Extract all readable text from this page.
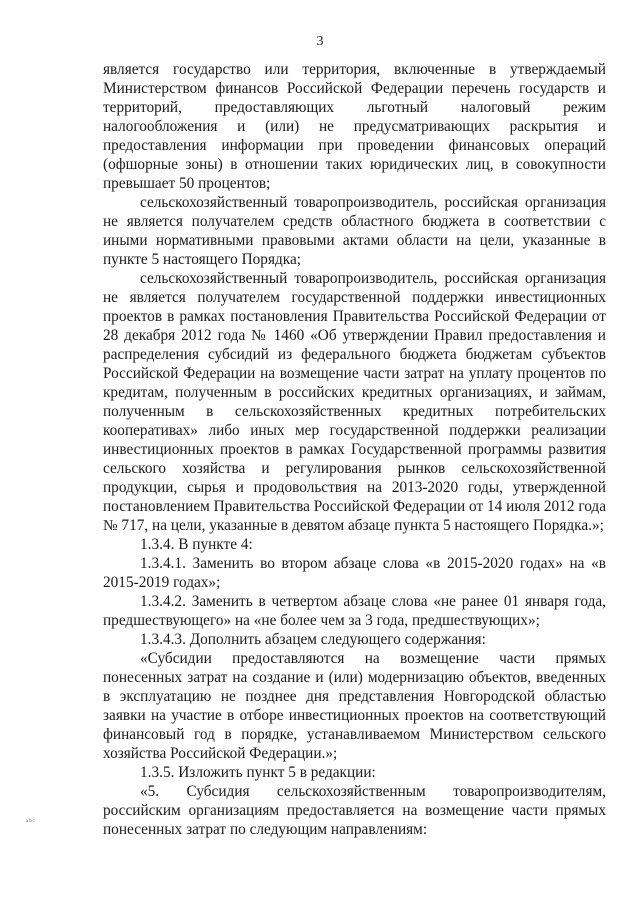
3

является государство или территория, включенные в утверждаемый Министерством финансов Российской Федерации перечень государств и территорий, предоставляющих льготный налоговый режим налогообложения и (или) не предусматривающих раскрытия и предоставления информации при проведении финансовых операций (офшорные зоны) в отношении таких юридических лиц, в совокупности превышает 50 процентов;

сельскохозяйственный товаропроизводитель, российская организация не является получателем средств областного бюджета в соответствии с иными нормативными правовыми актами области на цели, указанные в пункте 5 настоящего Порядка;

сельскохозяйственный товаропроизводитель, российская организация не является получателем государственной поддержки инвестиционных проектов в рамках постановления Правительства Российской Федерации от 28 декабря 2012 года № 1460 «Об утверждении Правил предоставления и распределения субсидий из федерального бюджета бюджетам субъектов Российской Федерации на возмещение части затрат на уплату процентов по кредитам, полученным в российских кредитных организациях, и займам, полученным в сельскохозяйственных кредитных потребительских кооперативах» либо иных мер государственной поддержки реализации инвестиционных проектов в рамках Государственной программы развития сельского хозяйства и регулирования рынков сельскохозяйственной продукции, сырья и продовольствия на 2013-2020 годы, утвержденной постановлением Правительства Российской Федерации от 14 июля 2012 года № 717, на цели, указанные в девятом абзаце пункта 5 настоящего Порядка.»;

1.3.4. В пункте 4:

1.3.4.1. Заменить во втором абзаце слова «в 2015-2020 годах» на «в 2015-2019 годах»;

1.3.4.2. Заменить в четвертом абзаце слова «не ранее 01 января года, предшествующего» на «не более чем за 3 года, предшествующих»;

1.3.4.3. Дополнить абзацем следующего содержания:

«Субсидии предоставляются на возмещение части прямых понесенных затрат на создание и (или) модернизацию объектов, введенных в эксплуатацию не позднее дня представления Новгородской областью заявки на участие в отборе инвестиционных проектов на соответствующий финансовый год в порядке, устанавливаемом Министерством сельского хозяйства Российской Федерации.»;

1.3.5. Изложить пункт 5 в редакции:

«5. Субсидия сельскохозяйственным товаропроизводителям, российским организациям предоставляется на возмещение части прямых понесенных затрат по следующим направлениям:

ᵃᵇᶜ
